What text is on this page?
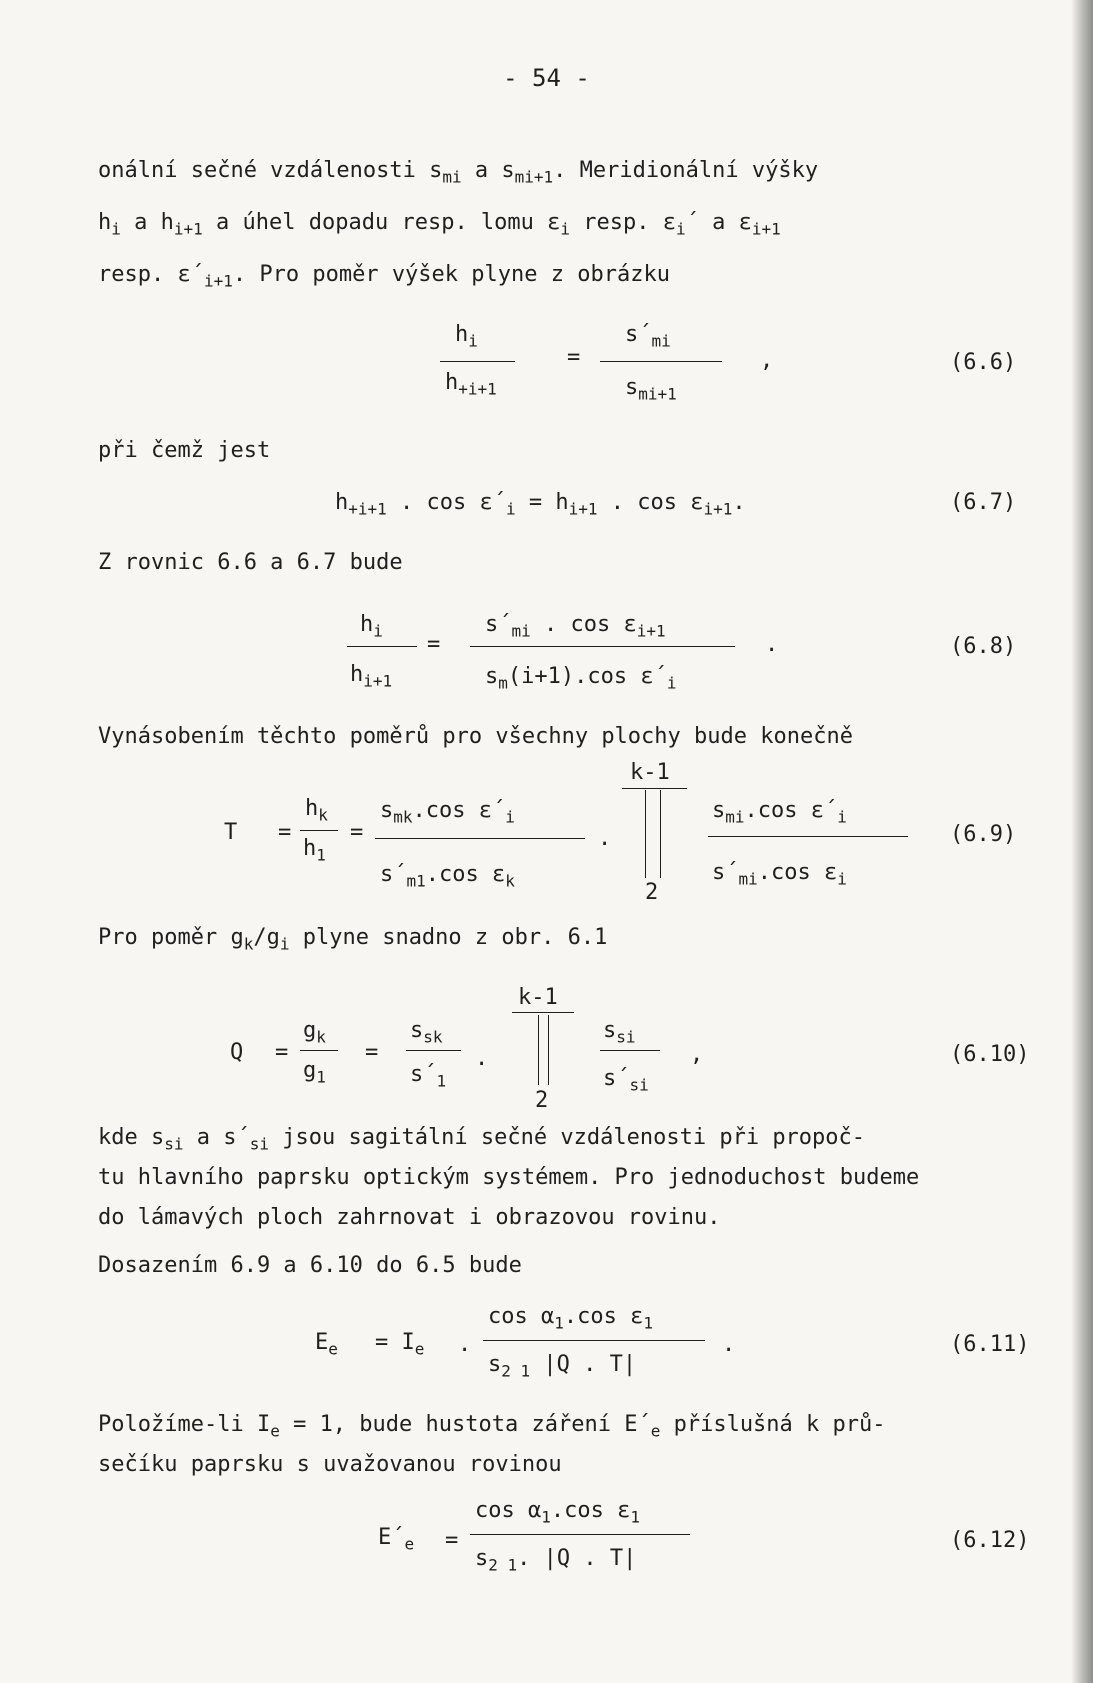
- 54 -
onální sečné vzdálenosti $s_{mi}$ a $s_{mi+1}$. Meridionální výšky
$h_i$ a $h_{i+1}$ a úhel dopadu resp. lomu $\varepsilon_i$ resp. $\varepsilon_i´$ a $\varepsilon_{i+1}$
resp. $\varepsilon´_{i+1}$. Pro poměr výšek plyne z obrázku
$h_i$
$h_{+i+1}$
=
$s´_{mi}$
$s_{mi+1}$
,	(6.6)
při čemž jest
$h_{+i+1}$ . $\cos \varepsilon´_i = h_{i+1}$ . $\cos \varepsilon_{i+1}$.	(6.7)
Z rovnic 6.6 a 6.7 bude
$h_i$
$h_{i+1}$
=
$s´_{mi}$ . $\cos \varepsilon_{i+1}$
$s_m(i+1).\cos$ $\varepsilon´_i$
.	(6.8)
Vynásobením těchto poměrů pro všechny plochy bude konečně
T =
$h_k$
$h_1$
=
$s_{mk}.\cos$ $\varepsilon´_i$
$s´_{m1}.\cos$ $\varepsilon_k$
.
k-1
2
$s_{mi}.\cos$ $\varepsilon´_i$
$s´_{mi}.\cos$ $\varepsilon_i$
(6.9)
Pro poměr $g_k/g_i$ plyne snadno z obr. 6.1
Q =
$g_k$
$g_1$
=
$s_{sk}$
$s´_1$
.
k-1
2
$s_{si}$
$s´_{si}$
,	(6.10)
kde $s_{si}$ a $s´_{si}$ jsou sagitální sečné vzdálenosti při propoč-
tu hlavního paprsku optickým systémem. Pro jednoduchost budeme
do lámavých ploch zahrnovat i obrazovou rovinu.
Dosazením 6.9 a 6.10 do 6.5 bude
$E_e = I_e$ .
$\cos \alpha_1.\cos$ $\varepsilon_1$
$s_{2 1}$ |Q . T|
.	(6.11)
Položíme-li $I_e = 1$, bude hustota záření $E´_e$ příslušná k prů-
sečíku paprsku s uvažovanou rovinou
$E´_e$ =
$\cos \alpha_1.\cos$ $\varepsilon_1$
$s_{2 1}$. |Q . T|
(6.12)
